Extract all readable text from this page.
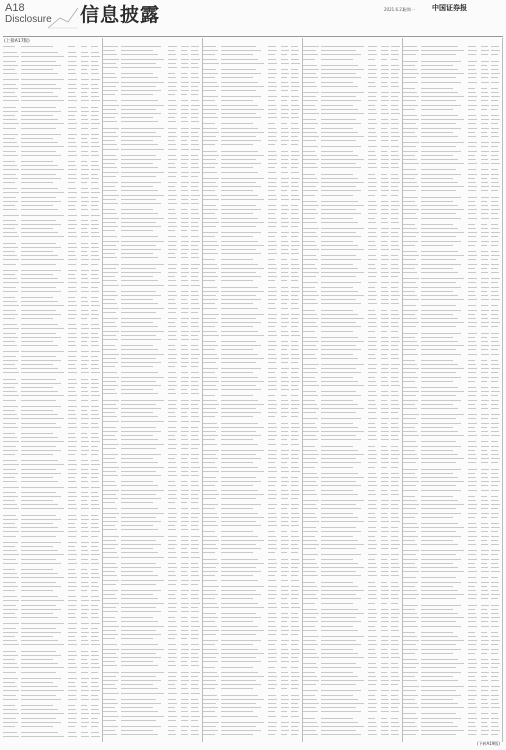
A18
Disclosure 信息披露	2021.6.21
星期一 中国证券报
(上接A17版)
(下转A19版)
